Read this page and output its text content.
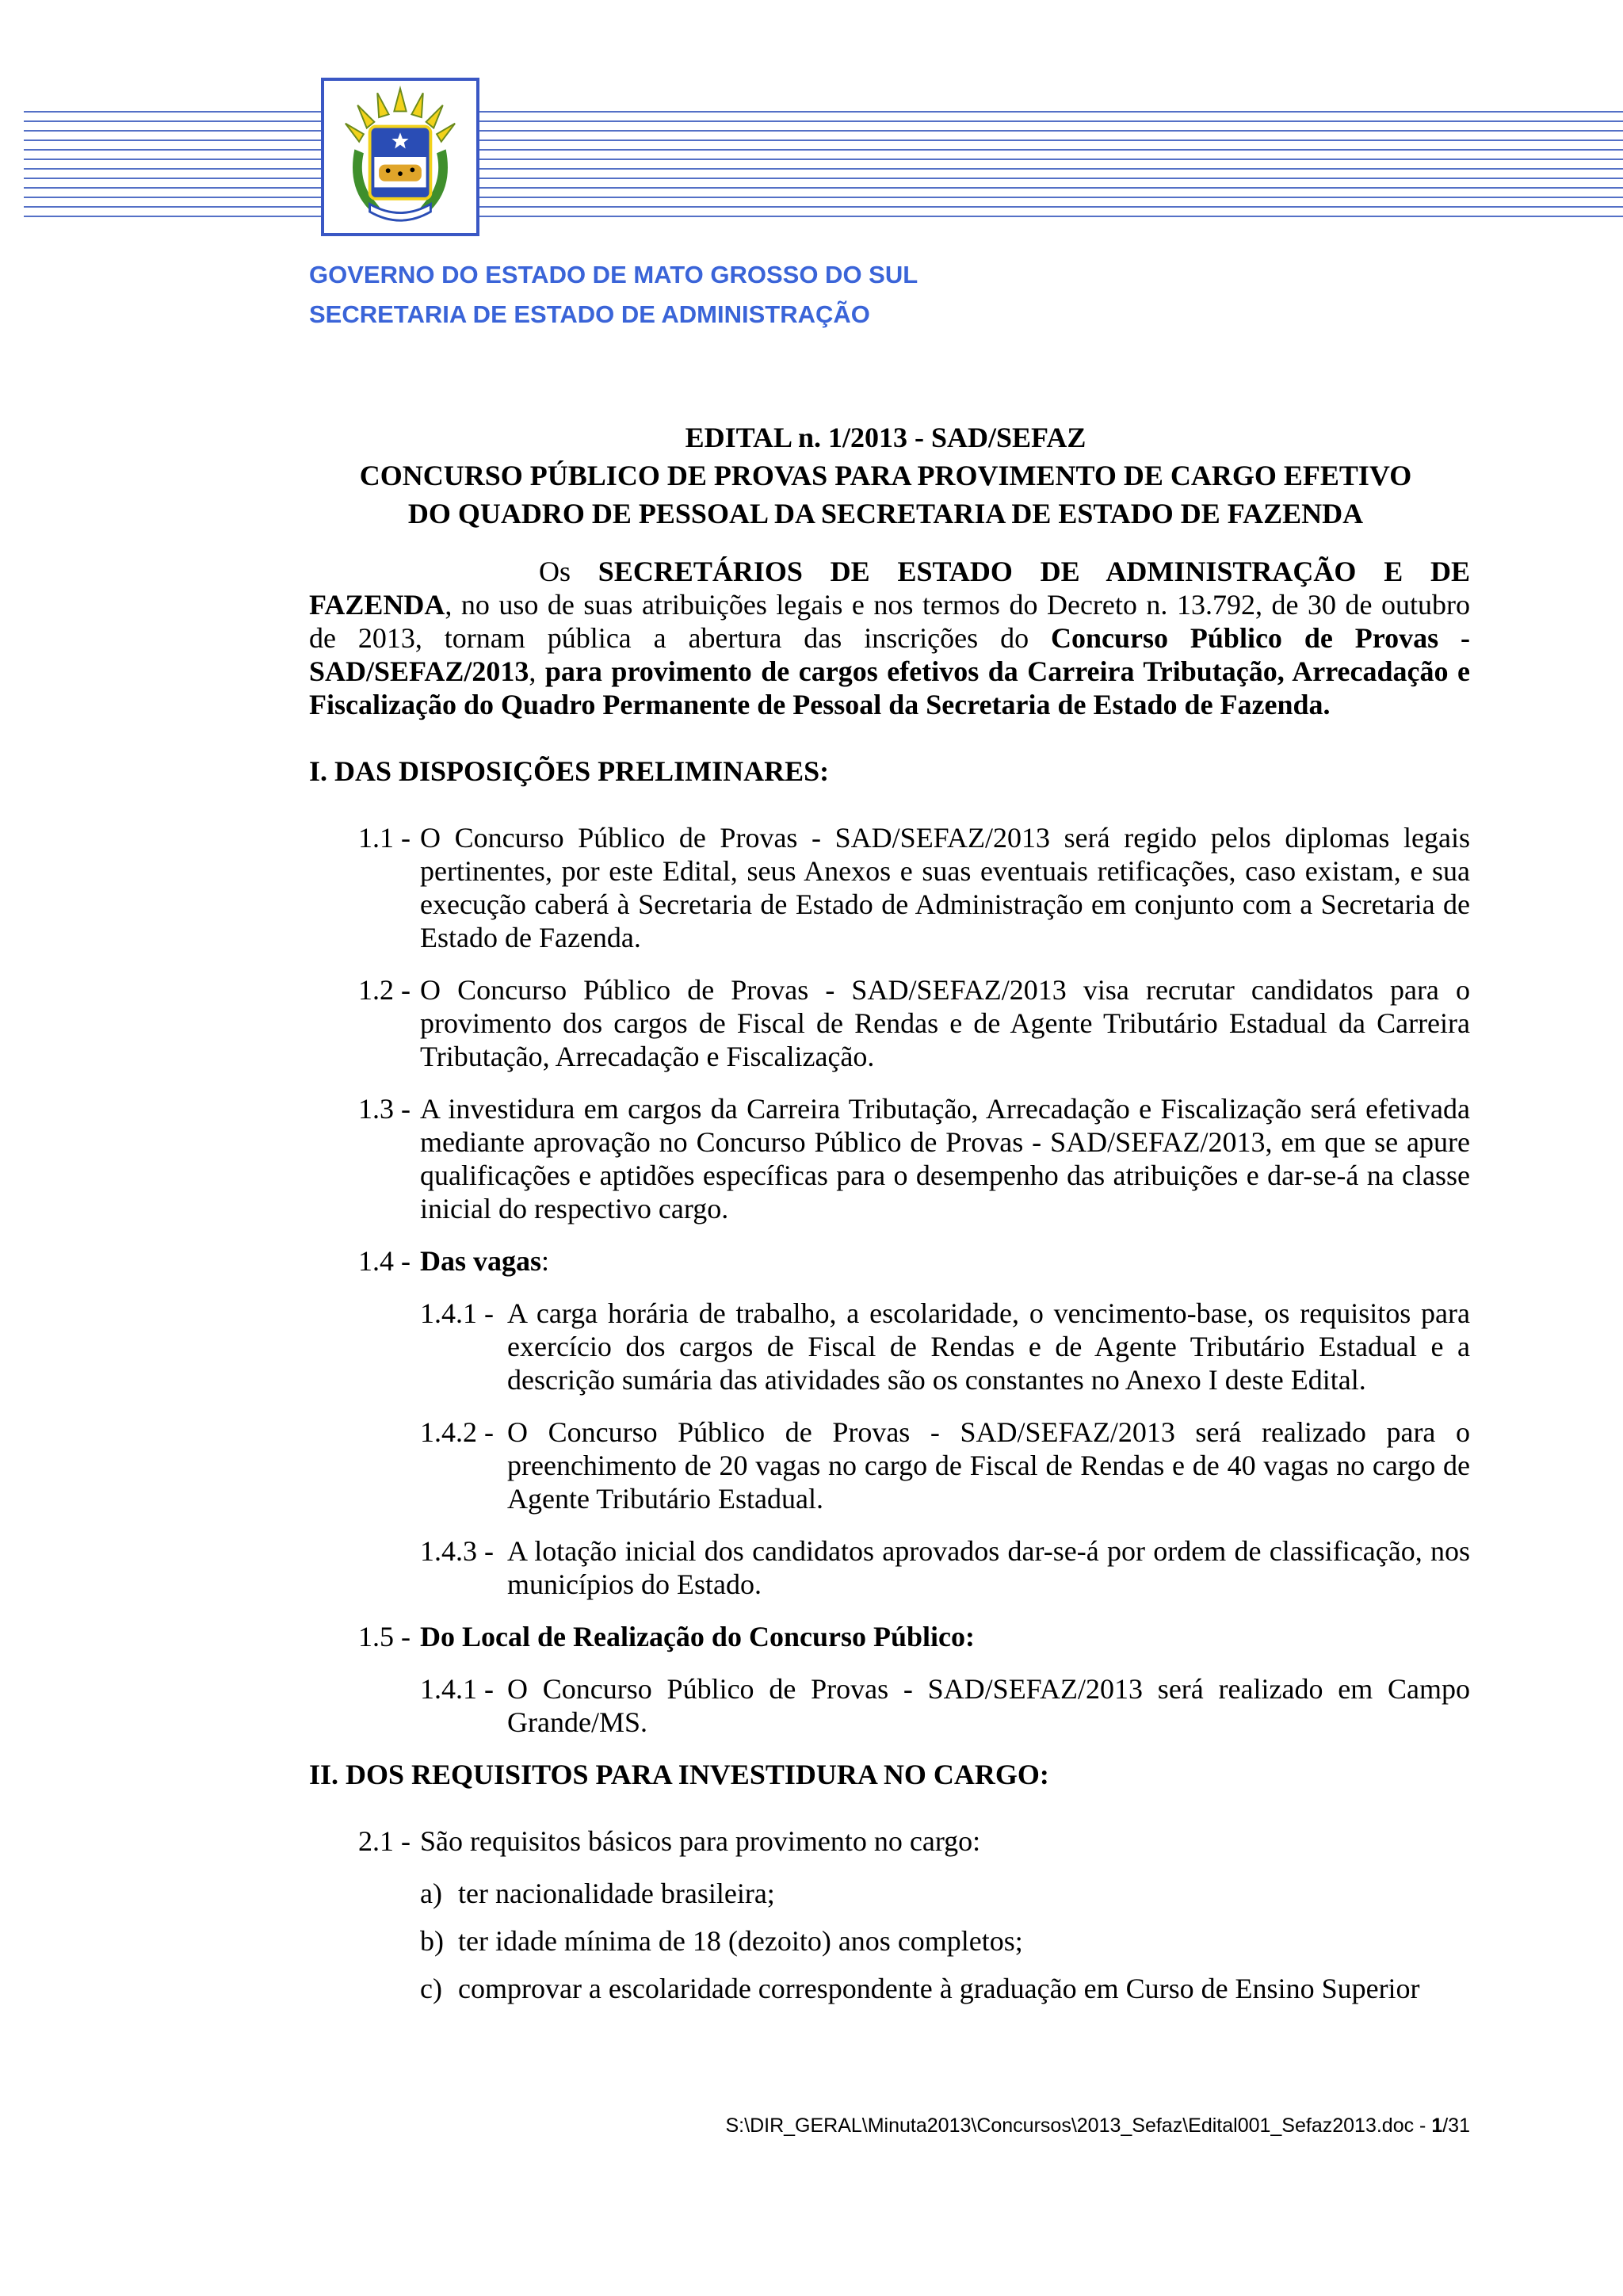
GOVERNO DO ESTADO DE MATO GROSSO DO SUL
SECRETARIA DE ESTADO DE ADMINISTRAÇÃO
EDITAL n. 1/2013 - SAD/SEFAZ
CONCURSO PÚBLICO DE PROVAS PARA PROVIMENTO DE CARGO EFETIVO
DO QUADRO DE PESSOAL DA SECRETARIA DE ESTADO DE FAZENDA

Os SECRETÁRIOS DE ESTADO DE ADMINISTRAÇÃO E DE FAZENDA, no uso de suas atribuições legais e nos termos do Decreto n. 13.792, de 30 de outubro de 2013, tornam pública a abertura das inscrições do Concurso Público de Provas - SAD/SEFAZ/2013, para provimento de cargos efetivos da Carreira Tributação, Arrecadação e Fiscalização do Quadro Permanente de Pessoal da Secretaria de Estado de Fazenda.

I. DAS DISPOSIÇÕES PRELIMINARES:

1.1 - O Concurso Público de Provas - SAD/SEFAZ/2013 será regido pelos diplomas legais pertinentes, por este Edital, seus Anexos e suas eventuais retificações, caso existam, e sua execução caberá à Secretaria de Estado de Administração em conjunto com a Secretaria de Estado de Fazenda.

1.2 - O Concurso Público de Provas - SAD/SEFAZ/2013 visa recrutar candidatos para o provimento dos cargos de Fiscal de Rendas e de Agente Tributário Estadual da Carreira Tributação, Arrecadação e Fiscalização.

1.3 - A investidura em cargos da Carreira Tributação, Arrecadação e Fiscalização será efetivada mediante aprovação no Concurso Público de Provas - SAD/SEFAZ/2013, em que se apure qualificações e aptidões específicas para o desempenho das atribuições e dar-se-á na classe inicial do respectivo cargo.

1.4 - Das vagas:

1.4.1 - A carga horária de trabalho, a escolaridade, o vencimento-base, os requisitos para exercício dos cargos de Fiscal de Rendas e de Agente Tributário Estadual e a descrição sumária das atividades são os constantes no Anexo I deste Edital.

1.4.2 - O Concurso Público de Provas - SAD/SEFAZ/2013 será realizado para o preenchimento de 20 vagas no cargo de Fiscal de Rendas e de 40 vagas no cargo de Agente Tributário Estadual.

1.4.3 - A lotação inicial dos candidatos aprovados dar-se-á por ordem de classificação, nos municípios do Estado.

1.5 - Do Local de Realização do Concurso Público:

1.4.1 - O Concurso Público de Provas - SAD/SEFAZ/2013 será realizado em Campo Grande/MS.

II. DOS REQUISITOS PARA INVESTIDURA NO CARGO:

2.1 - São requisitos básicos para provimento no cargo:

a) ter nacionalidade brasileira;

b) ter idade mínima de 18 (dezoito) anos completos;

c) comprovar a escolaridade correspondente à graduação em Curso de Ensino Superior

S:\DIR_GERAL\Minuta2013\Concursos\2013_Sefaz\Edital001_Sefaz2013.doc - 1/31
